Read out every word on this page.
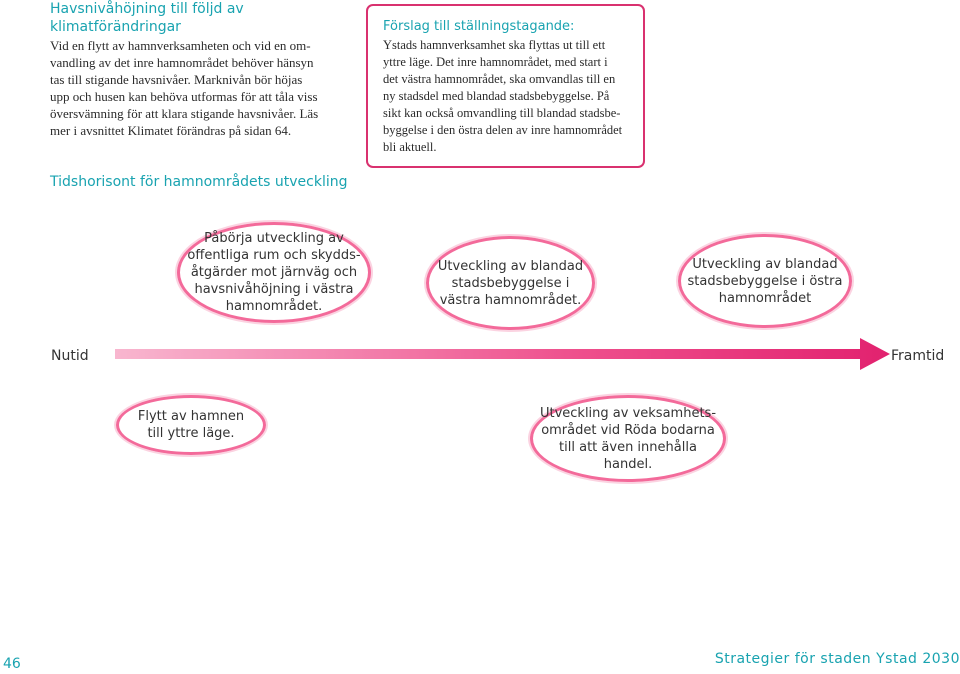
Havsnivåhöjning till följd av
klimatförändringar

Vid en flytt av hamnverksamheten och vid en om-
vandling av det inre hamnområdet behöver hänsyn
tas till stigande havsnivåer. Marknivån bör höjas
upp och husen kan behöva utformas för att tåla viss
översvämning för att klara stigande havsnivåer. Läs
mer i avsnittet Klimatet förändras på sidan 64.

Förslag till ställningstagande:
Ystads hamnverksamhet ska flyttas ut till ett
yttre läge. Det inre hamnområdet, med start i
det västra hamnområdet, ska omvandlas till en
ny stadsdel med blandad stadsbebyggelse. På
sikt kan också omvandling till blandad stadsbe-
byggelse i den östra delen av inre hamnområdet
bli aktuell.
Tidshorisont för hamnområdets utveckling
Påbörja utveckling av
offentliga rum och skydds-
åtgärder mot järnväg och
havsnivåhöjning i västra
hamnområdet.
Utveckling av blandad
stadsbebyggelse i
västra hamnområdet.
Utveckling av blandad
stadsbebyggelse i östra
hamnområdet
Nutid	Framtid
Flytt av hamnen
till yttre läge.
Utveckling av veksamhets-
området vid Röda bodarna
till att även innehålla
handel.
46	Strategier för staden Ystad 2030
